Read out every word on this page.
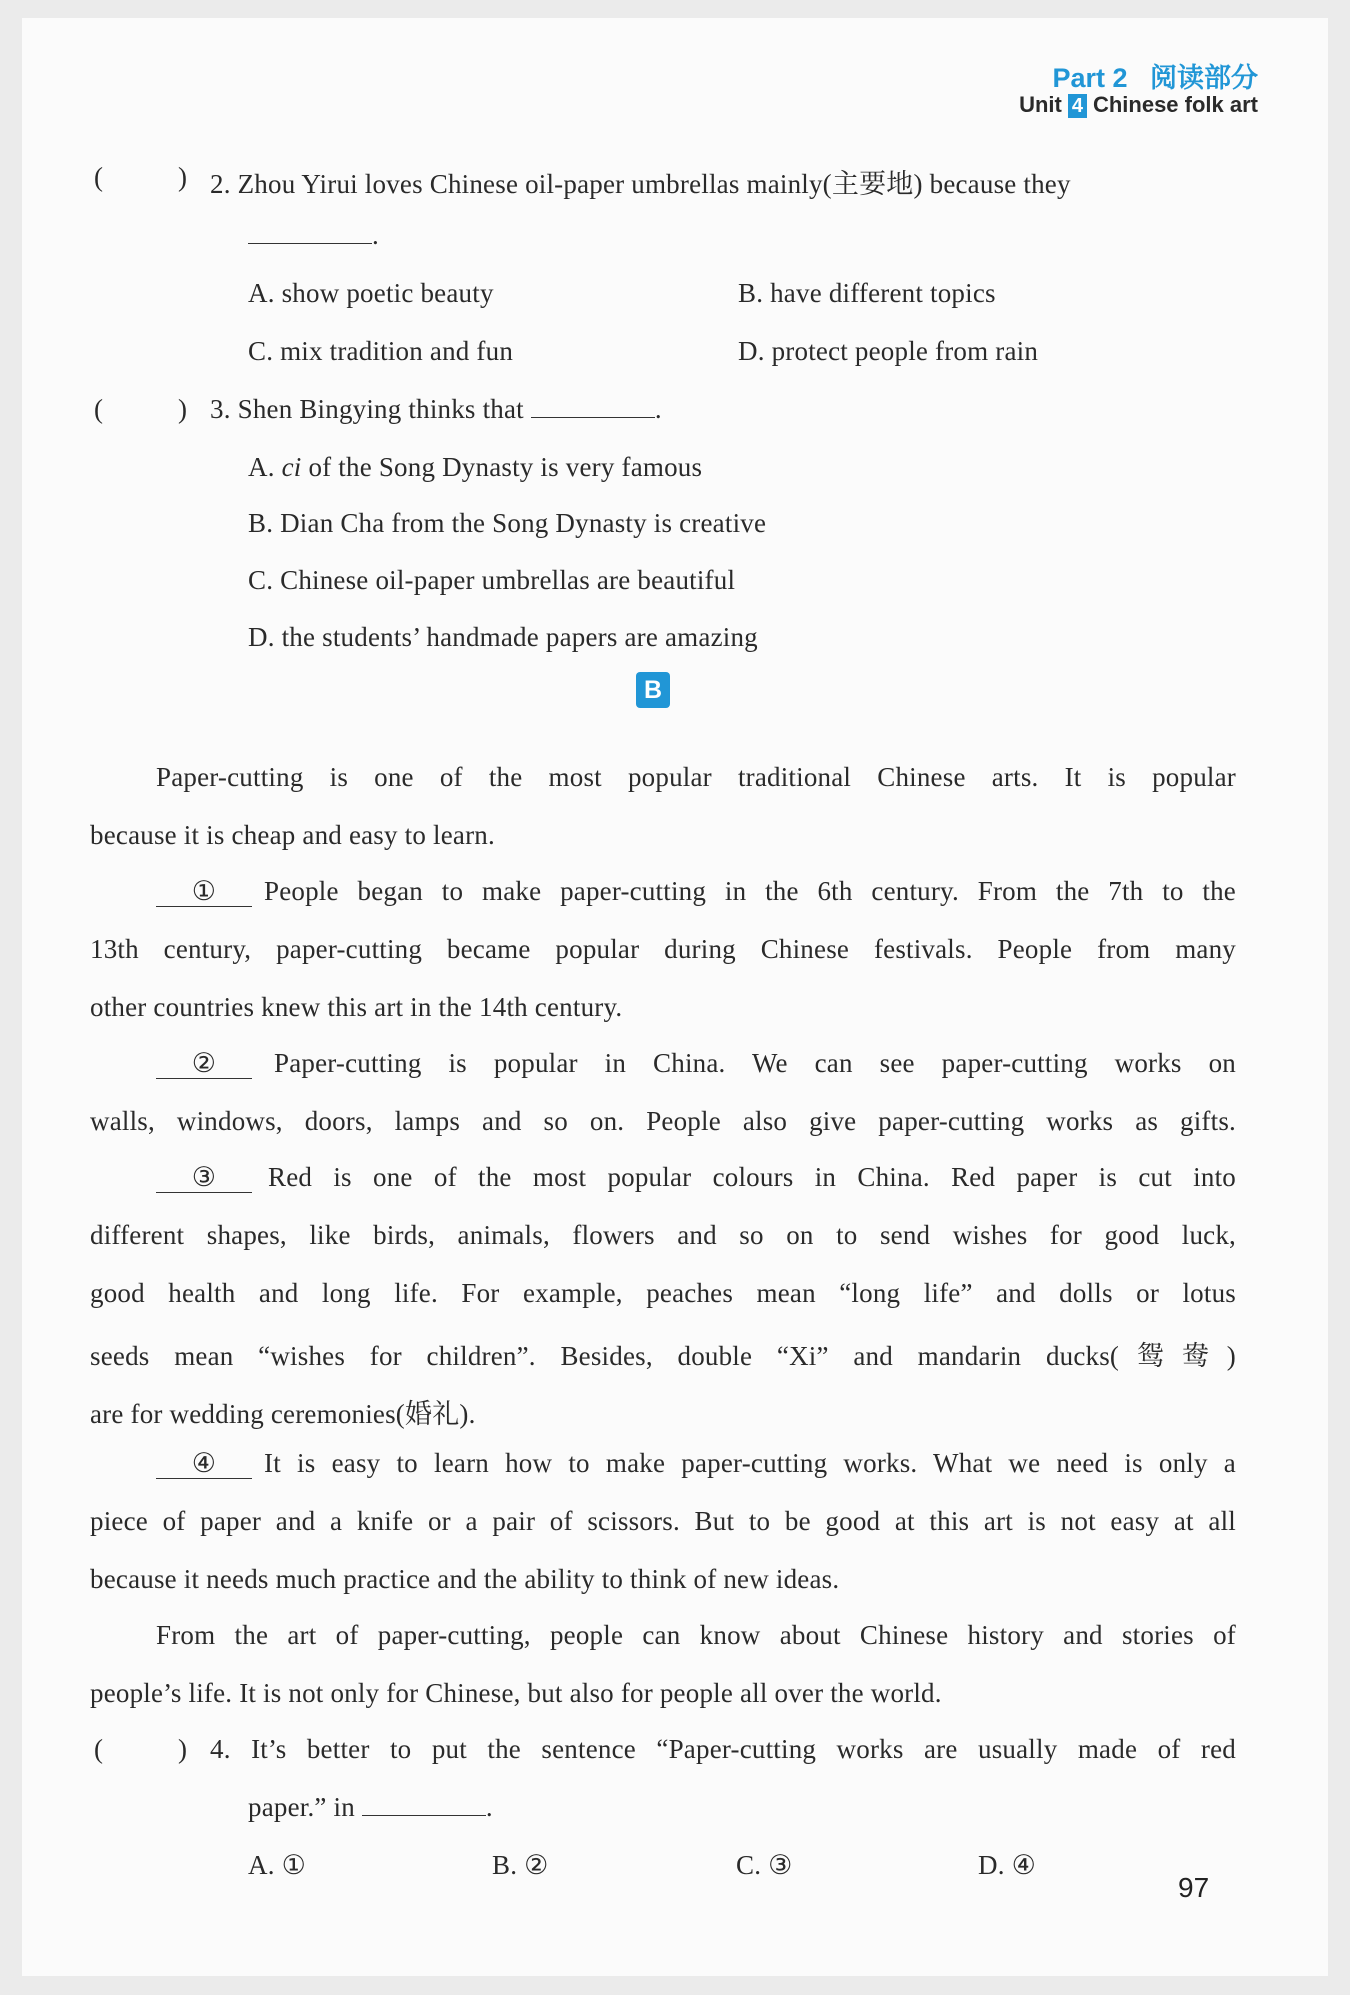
Part 2 阅读部分
Unit 4 Chinese folk art
(	) 2. Zhou Yirui loves Chinese oil-paper umbrellas mainly(主要地) because they
.
A. show poetic beauty	B. have different topics
C. mix tradition and fun	D. protect people from rain
(	) 3. Shen Bingying thinks that	.
A. ci of the Song Dynasty is very famous
B. Dian Cha from the Song Dynasty is creative
C. Chinese oil-paper umbrellas are beautiful
D. the students’ handmade papers are amazing
B
Paper-cutting is one of the most popular traditional Chinese arts. It is popular
because it is cheap and easy to learn.
①	People began to make paper-cutting in the 6th century. From the 7th to the
13th century, paper-cutting became popular during Chinese festivals. People from many
other countries knew this art in the 14th century.
②	Paper-cutting is popular in China. We can see paper-cutting works on
walls, windows, doors, lamps and so on. People also give paper-cutting works as gifts.
③	Red is one of the most popular colours in China. Red paper is cut into
different shapes, like birds, animals, flowers and so on to send wishes for good luck,
good health and long life. For example, peaches mean “long life” and dolls or lotus
seeds mean “wishes for children”. Besides, double “Xi” and mandarin ducks(鸳鸯)
are for wedding ceremonies(婚礼).
④	It is easy to learn how to make paper-cutting works. What we need is only a
piece of paper and a knife or a pair of scissors. But to be good at this art is not easy at all
because it needs much practice and the ability to think of new ideas.
From the art of paper-cutting, people can know about Chinese history and stories of
people’s life. It is not only for Chinese, but also for people all over the world.
(	) 4. It’s better to put the sentence “Paper-cutting works are usually made of red
paper.” in	.
A. ①	B. ②	C. ③	D. ④
97
